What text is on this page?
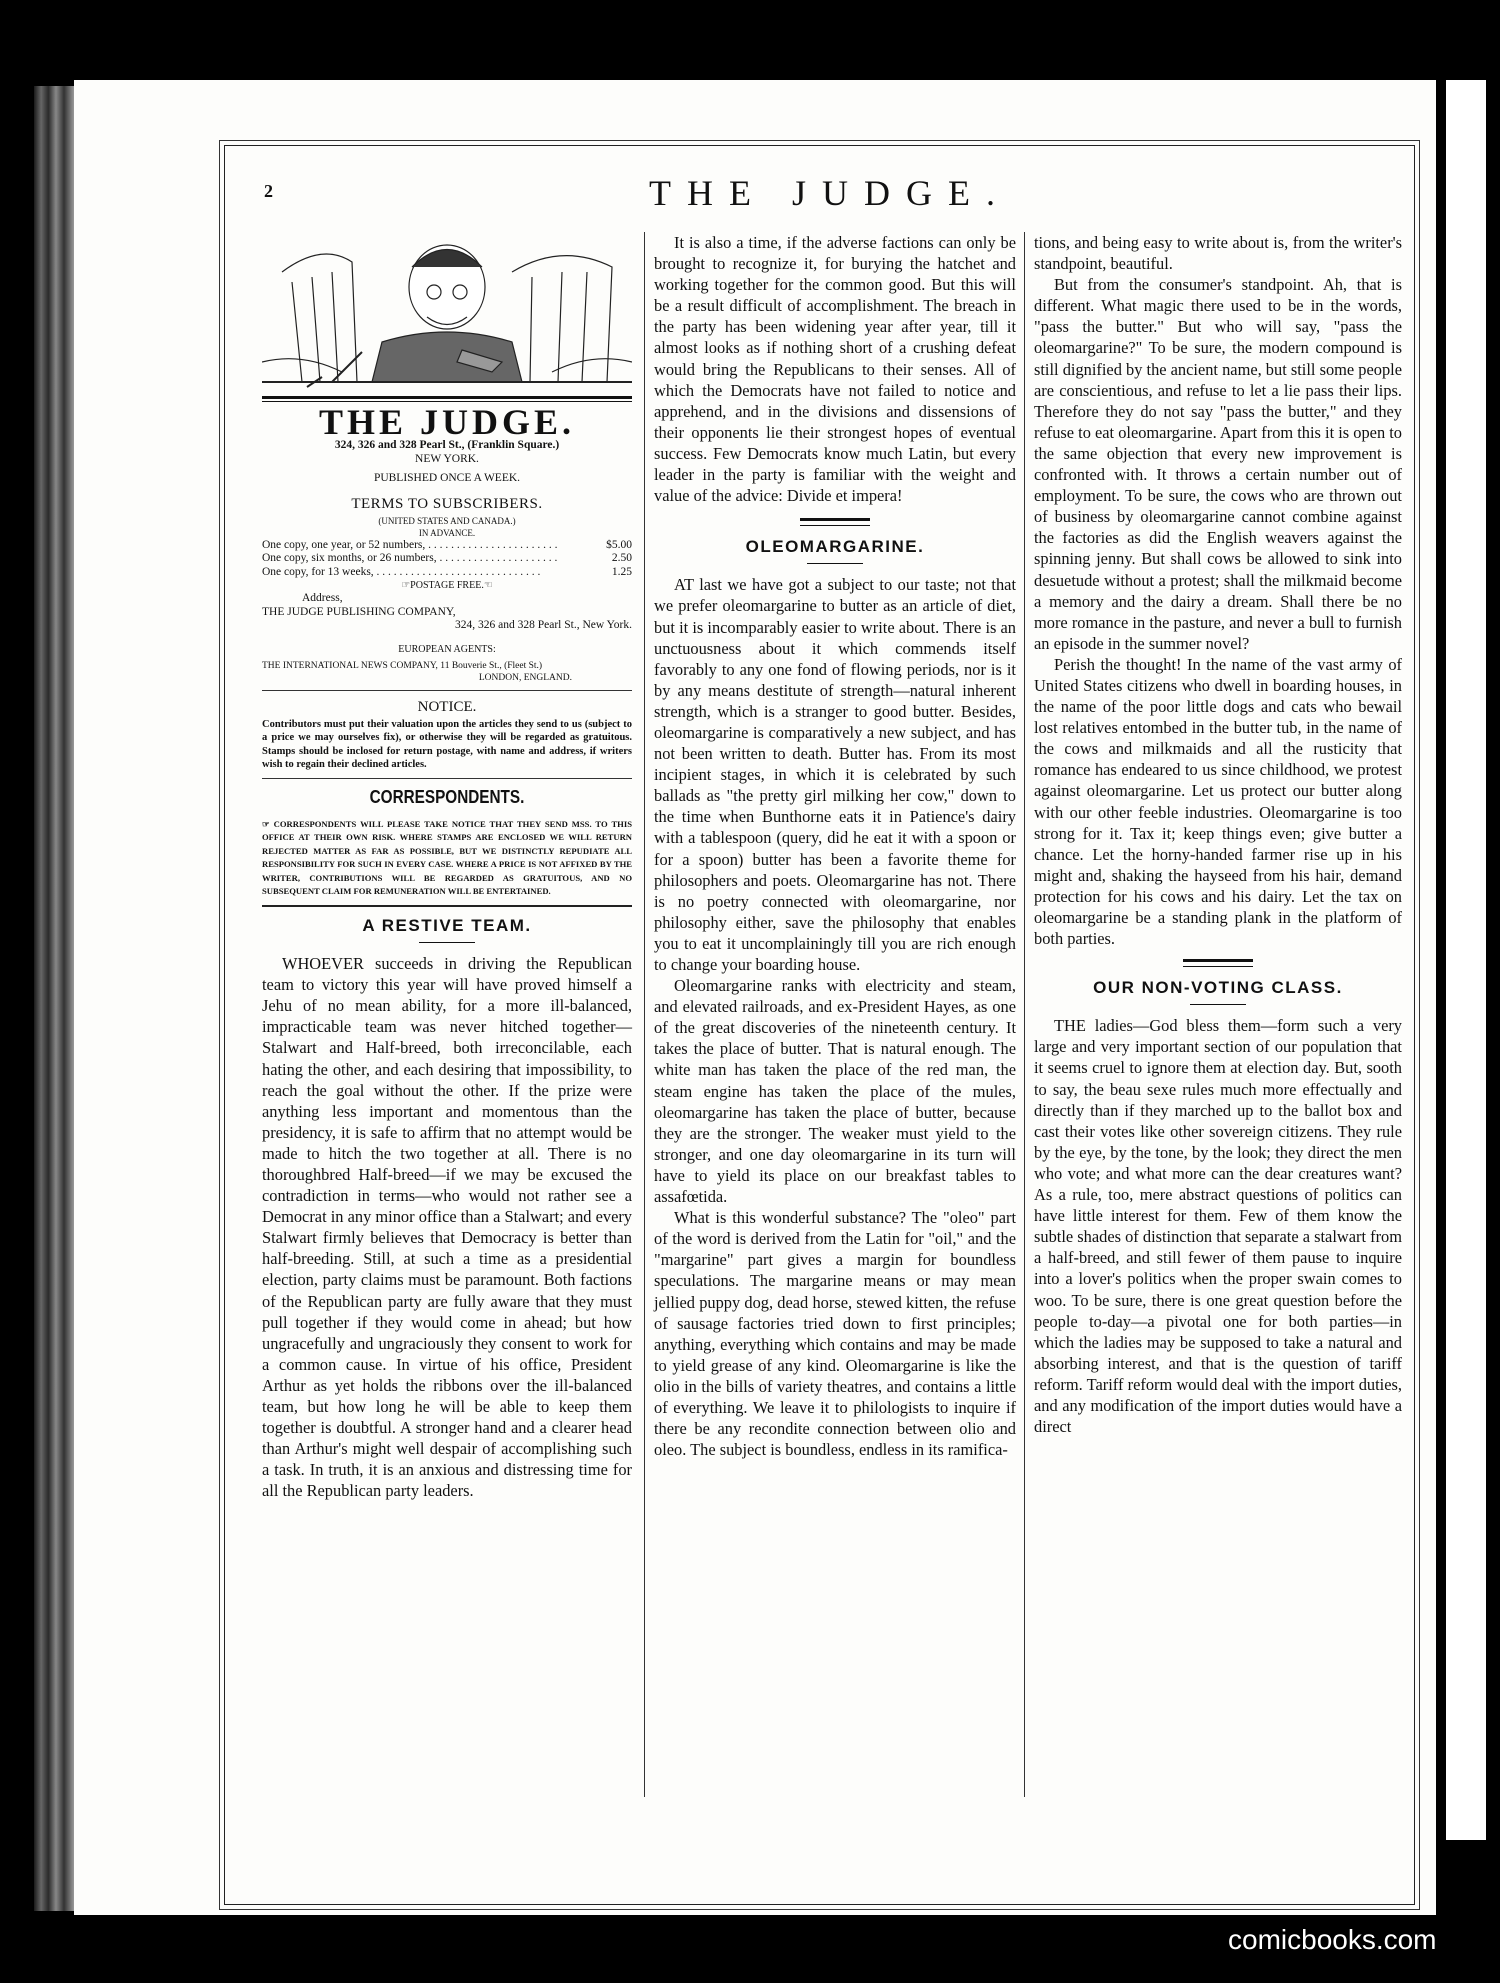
2	THE JUDGE.
THE JUDGE.
324, 326 and 328 Pearl St., (Franklin Square.)
NEW YORK.
PUBLISHED ONCE A WEEK.
TERMS TO SUBSCRIBERS.
(UNITED STATES AND CANADA.)
IN ADVANCE.
One copy, one year, or 52 numbers, . . . . . . . . . . . . . . . . . . . . . . .	$5.00
One copy, six months, or 26 numbers, . . . . . . . . . . . . . . . . . . . . .	2.50
One copy, for 13 weeks, . . . . . . . . . . . . . . . . . . . . . . . . . . . . .	1.25
☞POSTAGE FREE.☜
Address,
THE JUDGE PUBLISHING COMPANY,
324, 326 and 328 Pearl St., New York.
EUROPEAN AGENTS:
THE INTERNATIONAL NEWS COMPANY, 11 Bouverie St., (Fleet St.)
LONDON, ENGLAND.
NOTICE.
Contributors must put their valuation upon the articles they send to us (subject to a price we may ourselves fix), or otherwise they will be regarded as gratuitous. Stamps should be inclosed for return postage, with name and address, if writers wish to regain their declined articles.
CORRESPONDENTS.
☞ CORRESPONDENTS WILL PLEASE TAKE NOTICE THAT THEY SEND MSS. TO THIS OFFICE AT THEIR OWN RISK. WHERE STAMPS ARE ENCLOSED WE WILL RETURN REJECTED MATTER AS FAR AS POSSIBLE, BUT WE DISTINCTLY REPUDIATE ALL RESPONSIBILITY FOR SUCH IN EVERY CASE. WHERE A PRICE IS NOT AFFIXED BY THE WRITER, CONTRIBUTIONS WILL BE REGARDED AS GRATUITOUS, AND NO SUBSEQUENT CLAIM FOR REMUNERATION WILL BE ENTERTAINED.
A RESTIVE TEAM.

WHOEVER succeeds in driving the Republican team to victory this year will have proved himself a Jehu of no mean ability, for a more ill-balanced, impracticable team was never hitched together—Stalwart and Half-breed, both irreconcilable, each hating the other, and each desiring that impossibility, to reach the goal without the other. If the prize were anything less important and momentous than the presidency, it is safe to affirm that no attempt would be made to hitch the two together at all. There is no thoroughbred Half-breed—if we may be excused the contradiction in terms—who would not rather see a Democrat in any minor office than a Stalwart; and every Stalwart firmly believes that Democracy is better than half-breeding. Still, at such a time as a presidential election, party claims must be paramount. Both factions of the Republican party are fully aware that they must pull together if they would come in ahead; but how ungracefully and ungraciously they consent to work for a common cause. In virtue of his office, President Arthur as yet holds the ribbons over the ill-balanced team, but how long he will be able to keep them together is doubtful. A stronger hand and a clearer head than Arthur's might well despair of accomplishing such a task. In truth, it is an anxious and distressing time for all the Republican party leaders.

It is also a time, if the adverse factions can only be brought to recognize it, for burying the hatchet and working together for the common good. But this will be a result difficult of accomplishment. The breach in the party has been widening year after year, till it almost looks as if nothing short of a crushing defeat would bring the Republicans to their senses. All of which the Democrats have not failed to notice and apprehend, and in the divisions and dissensions of their opponents lie their strongest hopes of eventual success. Few Democrats know much Latin, but every leader in the party is familiar with the weight and value of the advice: Divide et impera!

OLEOMARGARINE.

AT last we have got a subject to our taste; not that we prefer oleomargarine to butter as an article of diet, but it is incomparably easier to write about. There is an unctuousness about it which commends itself favorably to any one fond of flowing periods, nor is it by any means destitute of strength—natural inherent strength, which is a stranger to good butter. Besides, oleomargarine is comparatively a new subject, and has not been written to death. Butter has. From its most incipient stages, in which it is celebrated by such ballads as "the pretty girl milking her cow," down to the time when Bunthorne eats it in Patience's dairy with a tablespoon (query, did he eat it with a spoon or for a spoon) butter has been a favorite theme for philosophers and poets. Oleomargarine has not. There is no poetry connected with oleomargarine, nor philosophy either, save the philosophy that enables you to eat it uncomplainingly till you are rich enough to change your boarding house.

Oleomargarine ranks with electricity and steam, and elevated railroads, and ex-President Hayes, as one of the great discoveries of the nineteenth century. It takes the place of butter. That is natural enough. The white man has taken the place of the red man, the steam engine has taken the place of the mules, oleomargarine has taken the place of butter, because they are the stronger. The weaker must yield to the stronger, and one day oleomargarine in its turn will have to yield its place on our breakfast tables to assafœtida.

What is this wonderful substance? The "oleo" part of the word is derived from the Latin for "oil," and the "margarine" part gives a margin for boundless speculations. The margarine means or may mean jellied puppy dog, dead horse, stewed kitten, the refuse of sausage factories tried down to first principles; anything, everything which contains and may be made to yield grease of any kind. Oleomargarine is like the olio in the bills of variety theatres, and contains a little of everything. We leave it to philologists to inquire if there be any recondite connection between olio and oleo. The subject is boundless, endless in its ramifica-

tions, and being easy to write about is, from the writer's standpoint, beautiful.

But from the consumer's standpoint. Ah, that is different. What magic there used to be in the words, "pass the butter." But who will say, "pass the oleomargarine?" To be sure, the modern compound is still dignified by the ancient name, but still some people are conscientious, and refuse to let a lie pass their lips. Therefore they do not say "pass the butter," and they refuse to eat oleomargarine. Apart from this it is open to the same objection that every new improvement is confronted with. It throws a certain number out of employment. To be sure, the cows who are thrown out of business by oleomargarine cannot combine against the factories as did the English weavers against the spinning jenny. But shall cows be allowed to sink into desuetude without a protest; shall the milkmaid become a memory and the dairy a dream. Shall there be no more romance in the pasture, and never a bull to furnish an episode in the summer novel?

Perish the thought! In the name of the vast army of United States citizens who dwell in boarding houses, in the name of the poor little dogs and cats who bewail lost relatives entombed in the butter tub, in the name of the cows and milkmaids and all the rusticity that romance has endeared to us since childhood, we protest against oleomargarine. Let us protect our butter along with our other feeble industries. Oleomargarine is too strong for it. Tax it; keep things even; give butter a chance. Let the horny-handed farmer rise up in his might and, shaking the hayseed from his hair, demand protection for his cows and his dairy. Let the tax on oleomargarine be a standing plank in the platform of both parties.

OUR NON-VOTING CLASS.

THE ladies—God bless them—form such a very large and very important section of our population that it seems cruel to ignore them at election day. But, sooth to say, the beau sexe rules much more effectually and directly than if they marched up to the ballot box and cast their votes like other sovereign citizens. They rule by the eye, by the tone, by the look; they direct the men who vote; and what more can the dear creatures want? As a rule, too, mere abstract questions of politics can have little interest for them. Few of them know the subtle shades of distinction that separate a stalwart from a half-breed, and still fewer of them pause to inquire into a lover's politics when the proper swain comes to woo. To be sure, there is one great question before the people to-day—a pivotal one for both parties—in which the ladies may be supposed to take a natural and absorbing interest, and that is the question of tariff reform. Tariff reform would deal with the import duties, and any modification of the import duties would have a direct

comicbooks.com
